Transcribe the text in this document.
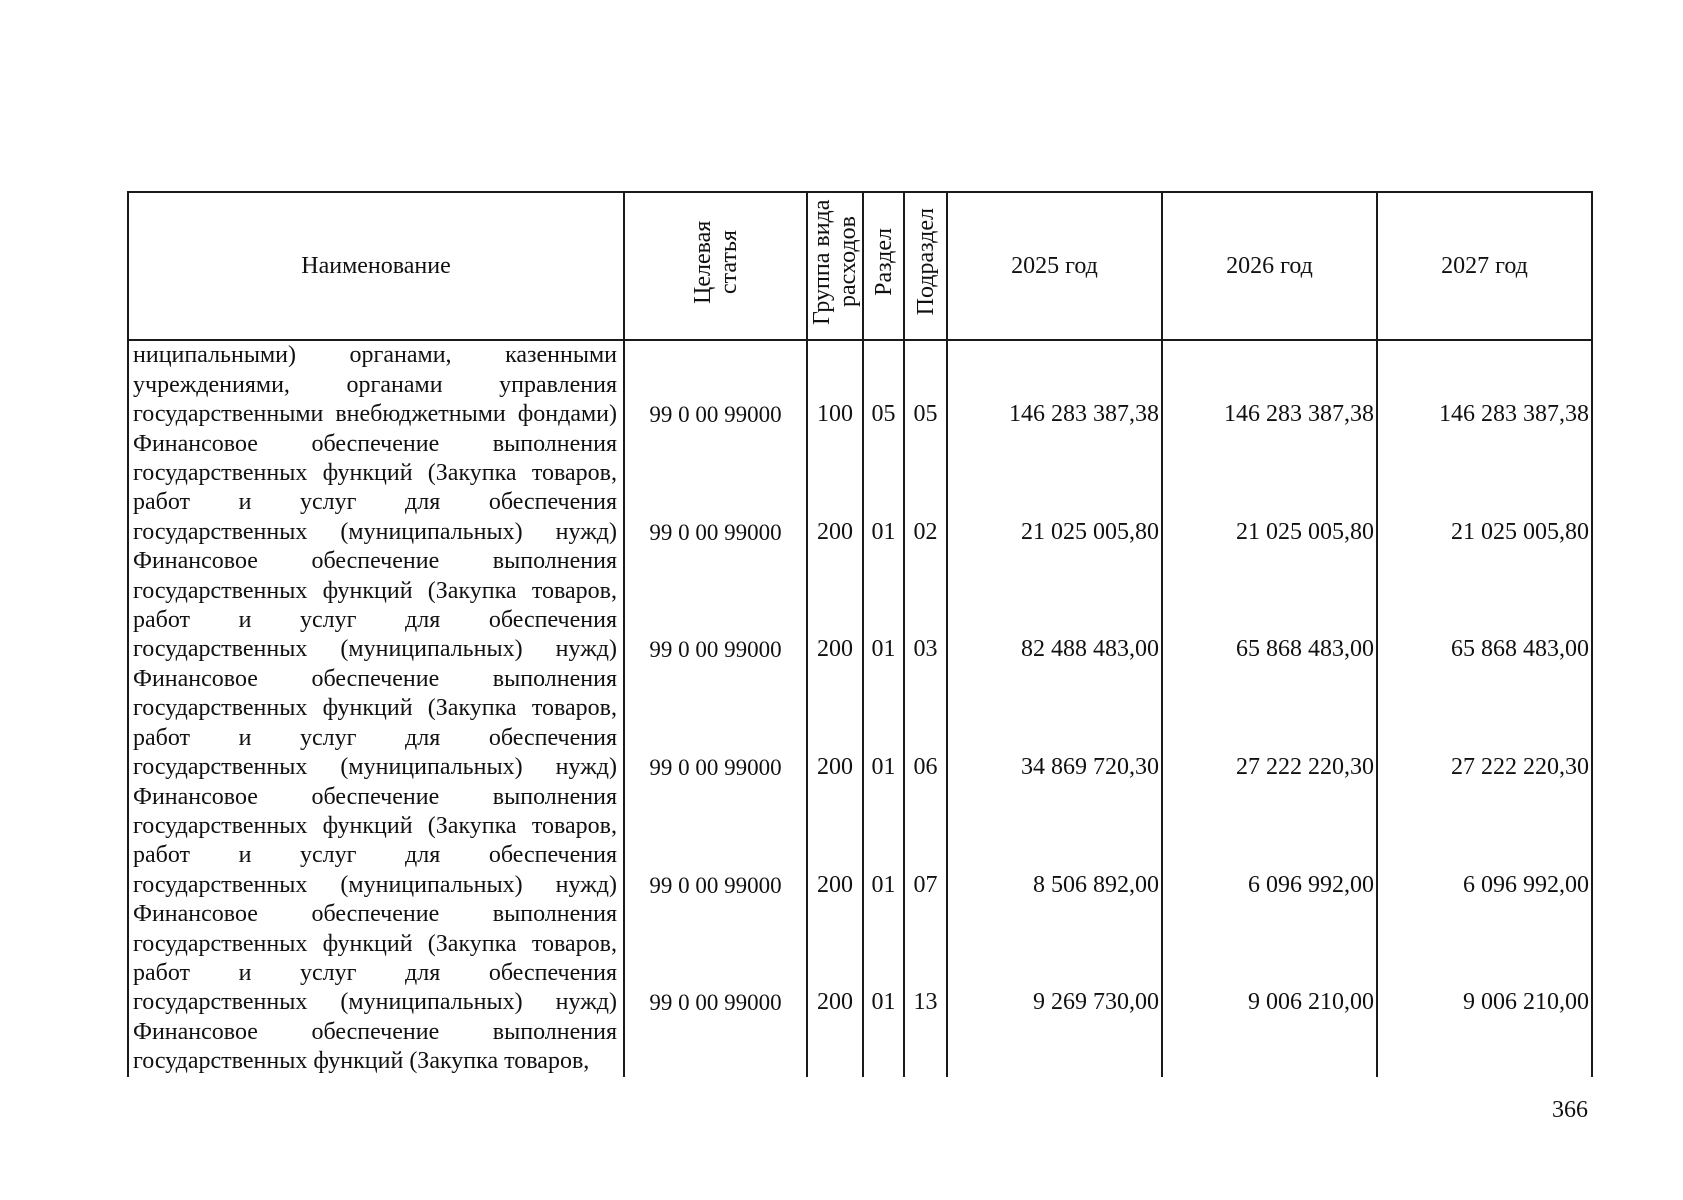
Наименование	Целевая статья	Группа вида расходов	Раздел	Подраздел	2025 год	2026 год	2027 год
ниципальными) органами, казенными учреждениями, органами управления государственными внебюджетными фондами)	99 0 00 99000	100	05	05	146 283 387,38	146 283 387,38	146 283 387,38
Финансовое обеспечение выполнения государственных функций (Закупка товаров, работ и услуг для обеспечения государственных (муниципальных) нужд)	99 0 00 99000	200	01	02	21 025 005,80	21 025 005,80	21 025 005,80
Финансовое обеспечение выполнения государственных функций (Закупка товаров, работ и услуг для обеспечения государственных (муниципальных) нужд)	99 0 00 99000	200	01	03	82 488 483,00	65 868 483,00	65 868 483,00
Финансовое обеспечение выполнения государственных функций (Закупка товаров, работ и услуг для обеспечения государственных (муниципальных) нужд)	99 0 00 99000	200	01	06	34 869 720,30	27 222 220,30	27 222 220,30
Финансовое обеспечение выполнения государственных функций (Закупка товаров, работ и услуг для обеспечения государственных (муниципальных) нужд)	99 0 00 99000	200	01	07	8 506 892,00	6 096 992,00	6 096 992,00
Финансовое обеспечение выполнения государственных функций (Закупка товаров, работ и услуг для обеспечения государственных (муниципальных) нужд)	99 0 00 99000	200	01	13	9 269 730,00	9 006 210,00	9 006 210,00
Финансовое обеспечение выполнения государственных функций (Закупка товаров,							
366
